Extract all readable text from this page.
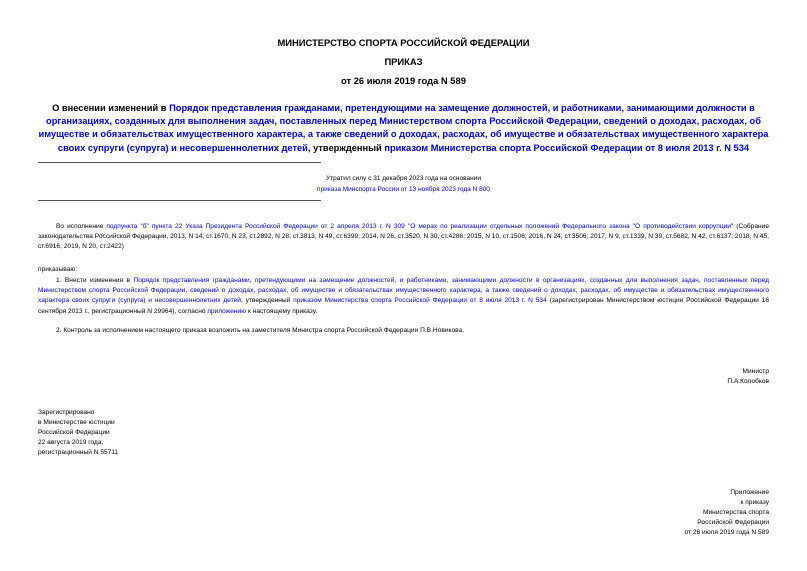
МИНИСТЕРСТВО СПОРТА РОССИЙСКОЙ ФЕДЕРАЦИИ
ПРИКАЗ
от 26 июля 2019 года N 589
О внесении изменений в Порядок представления гражданами, претендующими на замещение должностей, и работниками, занимающими должности в организациях, созданных для выполнения задач, поставленных перед Министерством спорта Российской Федерации, сведений о доходах, расходах, об имуществе и обязательствах имущественного характера, а также сведений о доходах, расходах, об имуществе и обязательствах имущественного характера своих супруги (супруга) и несовершеннолетних детей, утвержденный приказом Министерства спорта Российской Федерации от 8 июля 2013 г. N 534
Утратил силу с 31 декабря 2023 года на основании
приказа Минспорта России от 13 ноября 2023 года N 800
Во исполнение подпункта "б" пункта 22 Указа Президента Российской Федерации от 2 апреля 2013 г. N 309 "О мерах по реализации отдельных положений Федерального закона "О противодействии коррупции" (Собрание законодательства Российской Федерации, 2013, N 14, ст.1670, N 23, ст.2892, N 28, ст.3813, N 49, ст.6399; 2014, N 26, ст.3520, N 30, ст.4286; 2015, N 10, ст.1506; 2016, N 24, ст.3506; 2017, N 9, ст.1339, N 39, ст.5682, N 42, ст.6137; 2018, N 45, ст.6916; 2019, N 20, ст.2422)
приказываю:
1. Внести изменения в Порядок представления гражданами, претендующими на замещение должностей, и работниками, занимающими должности в организациях, созданных для выполнения задач, поставленных перед Министерством спорта Российской Федерации, сведений о доходах, расходах, об имуществе и обязательствах имущественного характера, а также сведений о доходах, расходах, об имуществе и обязательствах имущественного характера своих супруги (супруга) и несовершеннолетних детей, утвержденный приказом Министерства спорта Российской Федерации от 8 июля 2013 г. N 534 (зарегистрирован Министерством юстиции Российской Федерации 16 сентября 2013 г., регистрационный N 29964), согласно приложению к настоящему приказу.
2. Контроль за исполнением настоящего приказа возложить на заместителя Министра спорта Российской Федерации П.В.Новикова.
Министр
П.А.Колобков
Зарегистрировано
в Министерстве юстиции
Российской Федерации
22 августа 2019 года,
регистрационный N 55711
Приложение
к приказу
Министерства спорта
Российской Федерации
от 26 июля 2019 года N 589
